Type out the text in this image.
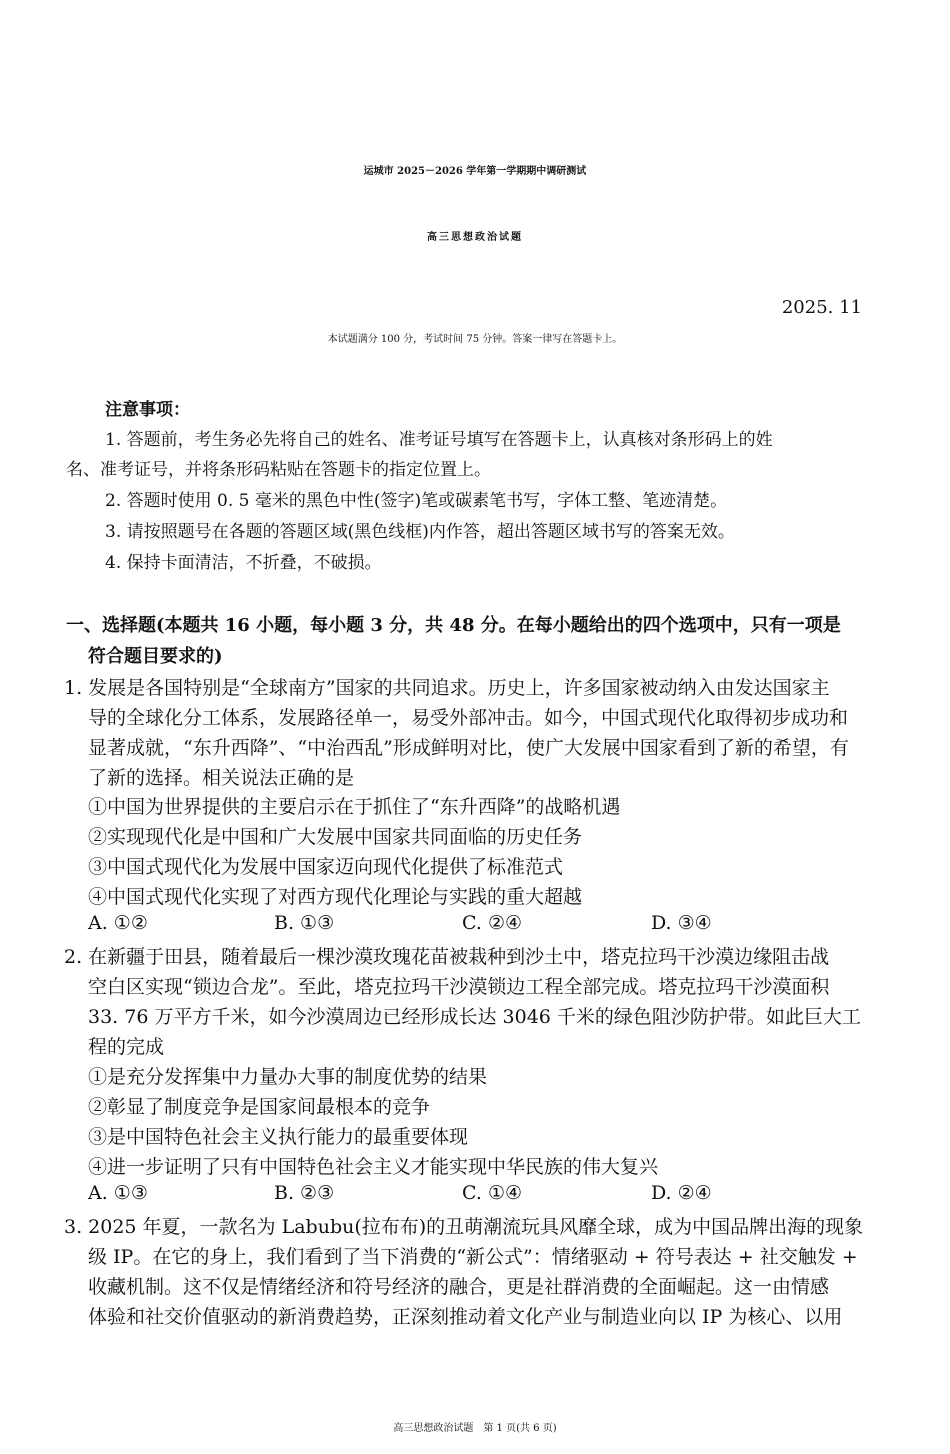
运城市 2025－2026 学年第一学期期中调研测试
高三思想政治试题
2025. 11
本试题满分 100 分，考试时间 75 分钟。答案一律写在答题卡上。
注意事项：
1. 答题前，考生务必先将自己的姓名、准考证号填写在答题卡上，认真核对条形码上的姓
名、准考证号，并将条形码粘贴在答题卡的指定位置上。
2. 答题时使用 0. 5 毫米的黑色中性(签字)笔或碳素笔书写，字体工整、笔迹清楚。
3. 请按照题号在各题的答题区域(黑色线框)内作答，超出答题区域书写的答案无效。
4. 保持卡面清洁，不折叠，不破损。
一、选择题(本题共 16 小题，每小题 3 分，共 48 分。在每小题给出的四个选项中，只有一项是
符合题目要求的)
1. 发展是各国特别是“全球南方”国家的共同追求。历史上，许多国家被动纳入由发达国家主
导的全球化分工体系，发展路径单一，易受外部冲击。如今，中国式现代化取得初步成功和
显著成就，“东升西降”、“中治西乱”形成鲜明对比，使广大发展中国家看到了新的希望，有
了新的选择。相关说法正确的是
①中国为世界提供的主要启示在于抓住了“东升西降”的战略机遇
②实现现代化是中国和广大发展中国家共同面临的历史任务
③中国式现代化为发展中国家迈向现代化提供了标准范式
④中国式现代化实现了对西方现代化理论与实践的重大超越
A. ①②	B. ①③	C. ②④	D. ③④
2. 在新疆于田县，随着最后一棵沙漠玫瑰花苗被栽种到沙土中，塔克拉玛干沙漠边缘阻击战
空白区实现“锁边合龙”。至此，塔克拉玛干沙漠锁边工程全部完成。塔克拉玛干沙漠面积
33. 76 万平方千米，如今沙漠周边已经形成长达 3046 千米的绿色阻沙防护带。如此巨大工
程的完成
①是充分发挥集中力量办大事的制度优势的结果
②彰显了制度竞争是国家间最根本的竞争
③是中国特色社会主义执行能力的最重要体现
④进一步证明了只有中国特色社会主义才能实现中华民族的伟大复兴
A. ①③	B. ②③	C. ①④	D. ②④
3. 2025 年夏，一款名为 Labubu(拉布布)的丑萌潮流玩具风靡全球，成为中国品牌出海的现象
级 IP。在它的身上，我们看到了当下消费的“新公式”：情绪驱动 + 符号表达 + 社交触发 +
收藏机制。这不仅是情绪经济和符号经济的融合，更是社群消费的全面崛起。这一由情感
体验和社交价值驱动的新消费趋势，正深刻推动着文化产业与制造业向以 IP 为核心、以用
高三思想政治试题　第 1 页(共 6 页)
